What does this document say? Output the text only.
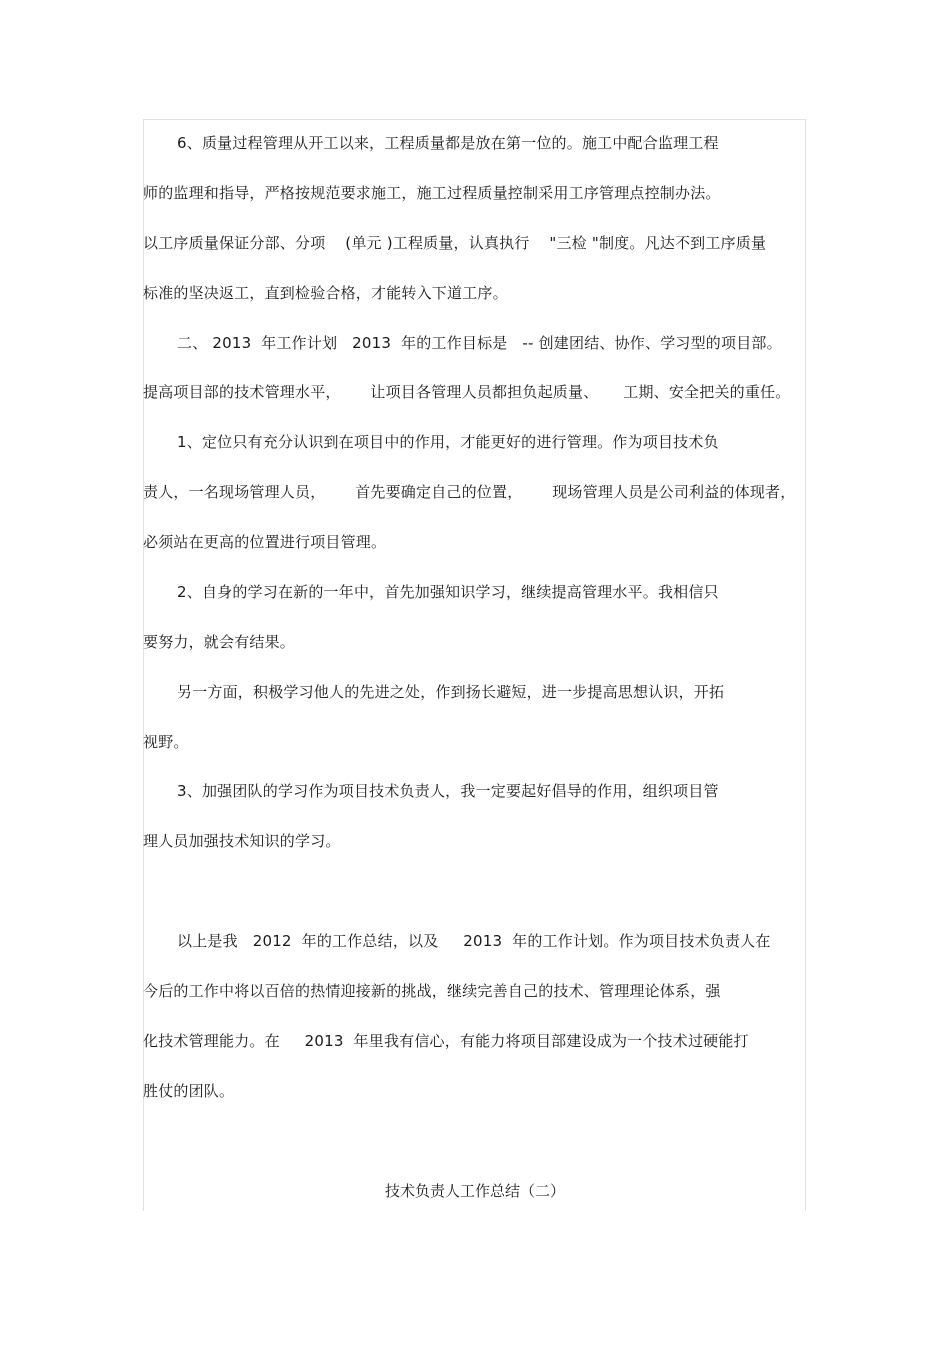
6、质量过程管理从开工以来，工程质量都是放在第一位的。施工中配合监理工程
师的监理和指导，严格按规范要求施工，施工过程质量控制采用工序管理点控制办法。
以工序质量保证分部、分项    (单元 )工程质量，认真执行    "三检 "制度。凡达不到工序质量
标准的坚决返工，直到检验合格，才能转入下道工序。
二、 2013  年工作计划   2013  年的工作目标是   -- 创建团结、协作、学习型的项目部。
提高项目部的技术管理水平，      让项目各管理人员都担负起质量、     工期、安全把关的重任。
1、定位只有充分认识到在项目中的作用，才能更好的进行管理。作为项目技术负
责人，一名现场管理人员，      首先要确定自己的位置，      现场管理人员是公司利益的体现者，
必须站在更高的位置进行项目管理。
2、自身的学习在新的一年中，首先加强知识学习，继续提高管理水平。我相信只
要努力，就会有结果。
另一方面，积极学习他人的先进之处，作到扬长避短，进一步提高思想认识，开拓
视野。
3、加强团队的学习作为项目技术负责人，我一定要起好倡导的作用，组织项目管
理人员加强技术知识的学习。
以上是我   2012  年的工作总结，以及     2013  年的工作计划。作为项目技术负责人在
今后的工作中将以百倍的热情迎接新的挑战，继续完善自己的技术、管理理论体系，强
化技术管理能力。在     2013  年里我有信心，有能力将项目部建设成为一个技术过硬能打
胜仗的团队。
技术负责人工作总结（二）
